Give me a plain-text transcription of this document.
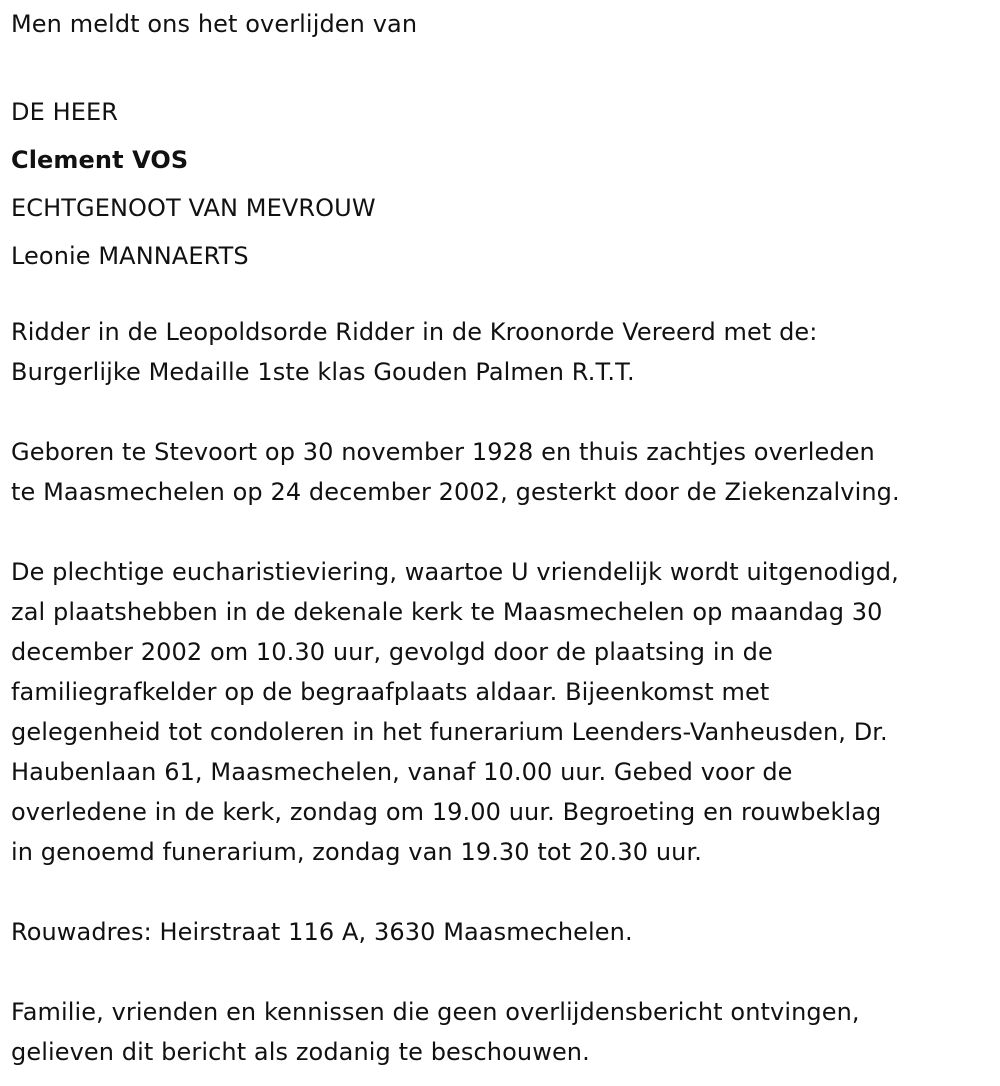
Men meldt ons het overlijden van

DE HEER

Clement VOS

ECHTGENOOT VAN MEVROUW

Leonie MANNAERTS

Ridder in de Leopoldsorde Ridder in de Kroonorde Vereerd met de:

Burgerlijke Medaille 1ste klas Gouden Palmen R.T.T.

Geboren te Stevoort op 30 november 1928 en thuis zachtjes overleden

te Maasmechelen op 24 december 2002, gesterkt door de Ziekenzalving.

De plechtige eucharistieviering, waartoe U vriendelijk wordt uitgenodigd,

zal plaatshebben in de dekenale kerk te Maasmechelen op maandag 30

december 2002 om 10.30 uur, gevolgd door de plaatsing in de

familiegrafkelder op de begraafplaats aldaar. Bijeenkomst met

gelegenheid tot condoleren in het funerarium Leenders-Vanheusden, Dr.

Haubenlaan 61, Maasmechelen, vanaf 10.00 uur. Gebed voor de

overledene in de kerk, zondag om 19.00 uur. Begroeting en rouwbeklag

in genoemd funerarium, zondag van 19.30 tot 20.30 uur.

Rouwadres: Heirstraat 116 A, 3630 Maasmechelen.

Familie, vrienden en kennissen die geen overlijdensbericht ontvingen,

gelieven dit bericht als zodanig te beschouwen.
